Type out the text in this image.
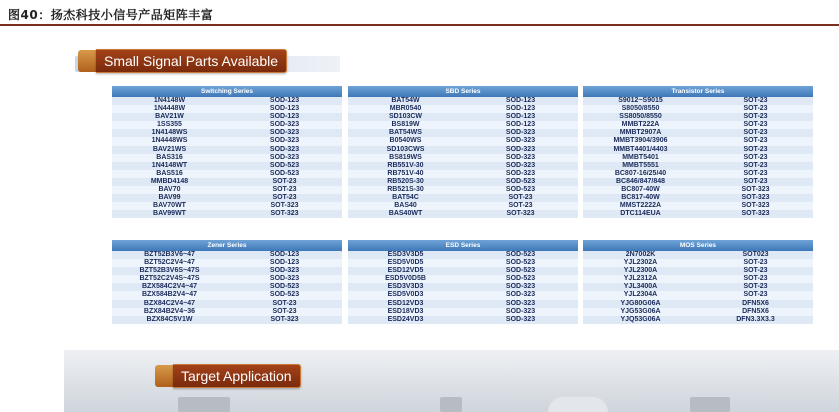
图40：扬杰科技小信号产品矩阵丰富
Small Signal Parts Available
Switching Series
1N4148W	SOD-123
1N4448W	SOD-123
BAV21W	SOD-123
1SS355	SOD-323
1N4148WS	SOD-323
1N4448WS	SOD-323
BAV21WS	SOD-323
BAS316	SOD-323
1N4148WT	SOD-523
BAS516	SOD-523
MMBD4148	SOT-23
BAV70	SOT-23
BAV99	SOT-23
BAV70WT	SOT-323
BAV99WT	SOT-323
SBD Series
BAT54W	SOD-123
MBR0540	SOD-123
SD103CW	SOD-123
BS819W	SOD-123
BAT54WS	SOD-323
B0540WS	SOD-323
SD103CWS	SOD-323
BS819WS	SOD-323
RB551V-30	SOD-323
RB751V-40	SOD-323
RB520S-30	SOD-523
RB521S-30	SOD-523
BAT54C	SOT-23
BAS40	SOT-23
BAS40WT	SOT-323
Transistor Series
S9012~S9015	SOT-23
S8050/8550	SOT-23
SS8050/8550	SOT-23
MMBT222A	SOT-23
MMBT2907A	SOT-23
MMBT3904/3906	SOT-23
MMBT4401/4403	SOT-23
MMBT5401	SOT-23
MMBT5551	SOT-23
BC807-16/25/40	SOT-23
BC846/847/848	SOT-23
BC807-40W	SOT-323
BC817-40W	SOT-323
MMST2222A	SOT-323
DTC114EUA	SOT-323
Zener Series
BZT52B3V6~47	SOD-123
BZT52C2V4~47	SOD-123
BZT52B3V6S~47S	SOD-323
BZT52C2V4S~47S	SOD-323
BZX584C2V4~47	SOD-523
BZX584B2V4~47	SOD-523
BZX84C2V4~47	SOT-23
BZX84B2V4~36	SOT-23
BZX84C5V1W	SOT-323
ESD Series
ESD3V3D5	SOD-523
ESD5V0D5	SOD-523
ESD12VD5	SOD-523
ESD5V0D5B	SOD-523
ESD3V3D3	SOD-323
ESD5V0D3	SOD-323
ESD12VD3	SOD-323
ESD18VD3	SOD-323
ESD24VD3	SOD-323
MOS Series
2N7002K	SOT023
YJL2302A	SOT-23
YJL2300A	SOT-23
YJL2312A	SOT-23
YJL3400A	SOT-23
YJL2304A	SOT-23
YJG80G06A	DFN5X6
YJG53G06A	DFN5X6
YJQ53G06A	DFN3.3X3.3
Target Application
